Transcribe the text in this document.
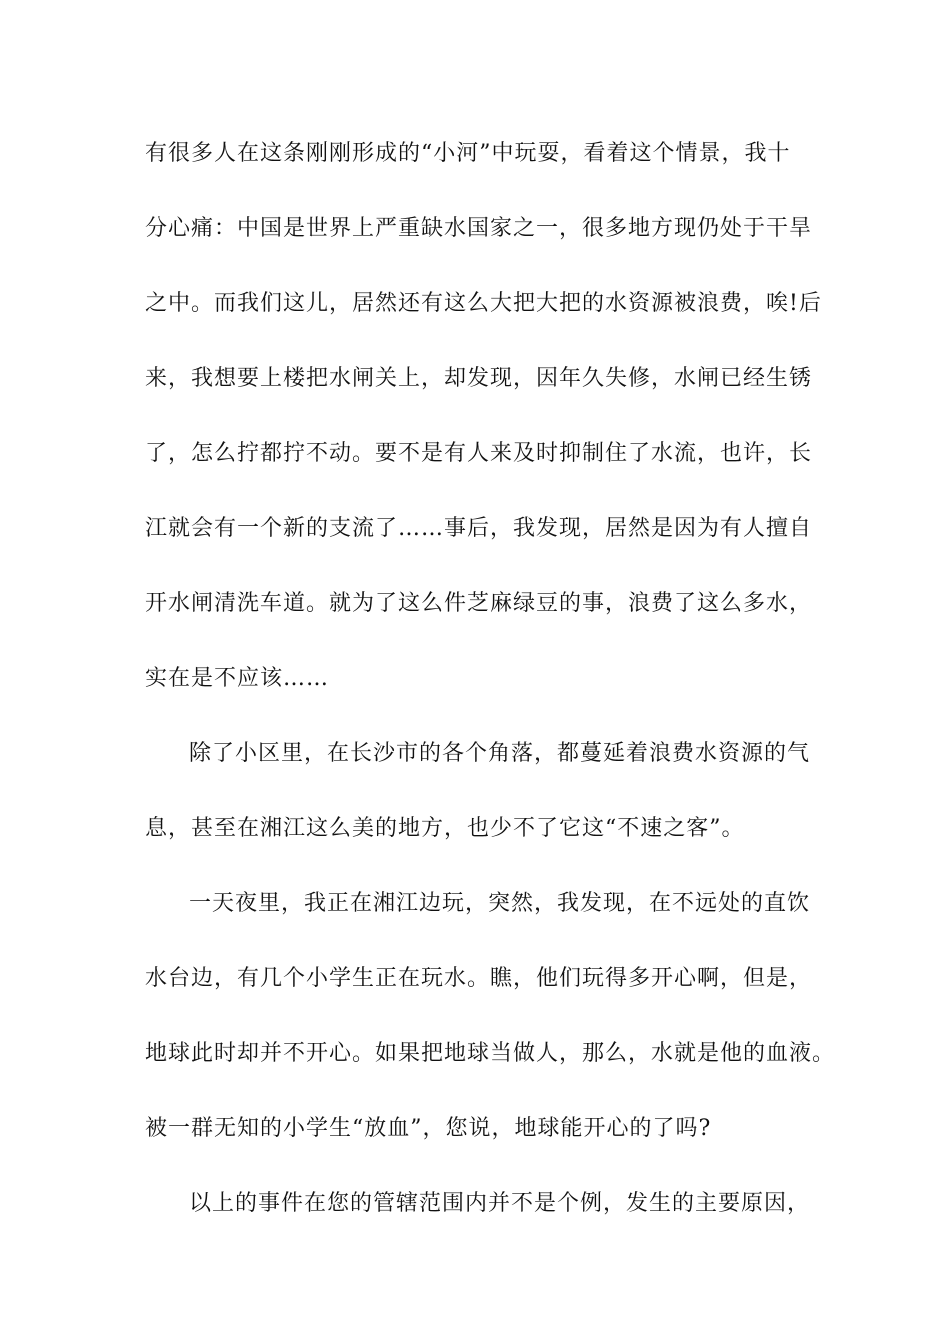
有很多人在这条刚刚形成的“小河”中玩耍，看着这个情景，我十
分心痛：中国是世界上严重缺水国家之一，很多地方现仍处于干旱
之中。而我们这儿，居然还有这么大把大把的水资源被浪费，唉!后
来，我想要上楼把水闸关上，却发现，因年久失修，水闸已经生锈
了，怎么拧都拧不动。要不是有人来及时抑制住了水流，也许，长
江就会有一个新的支流了……事后，我发现，居然是因为有人擅自
开水闸清洗车道。就为了这么件芝麻绿豆的事，浪费了这么多水，
实在是不应该……
除了小区里，在长沙市的各个角落，都蔓延着浪费水资源的气
息，甚至在湘江这么美的地方，也少不了它这“不速之客”。
一天夜里，我正在湘江边玩，突然，我发现，在不远处的直饮
水台边，有几个小学生正在玩水。瞧，他们玩得多开心啊，但是，
地球此时却并不开心。如果把地球当做人，那么，水就是他的血液。
被一群无知的小学生“放血”，您说，地球能开心的了吗?
以上的事件在您的管辖范围内并不是个例，发生的主要原因，
